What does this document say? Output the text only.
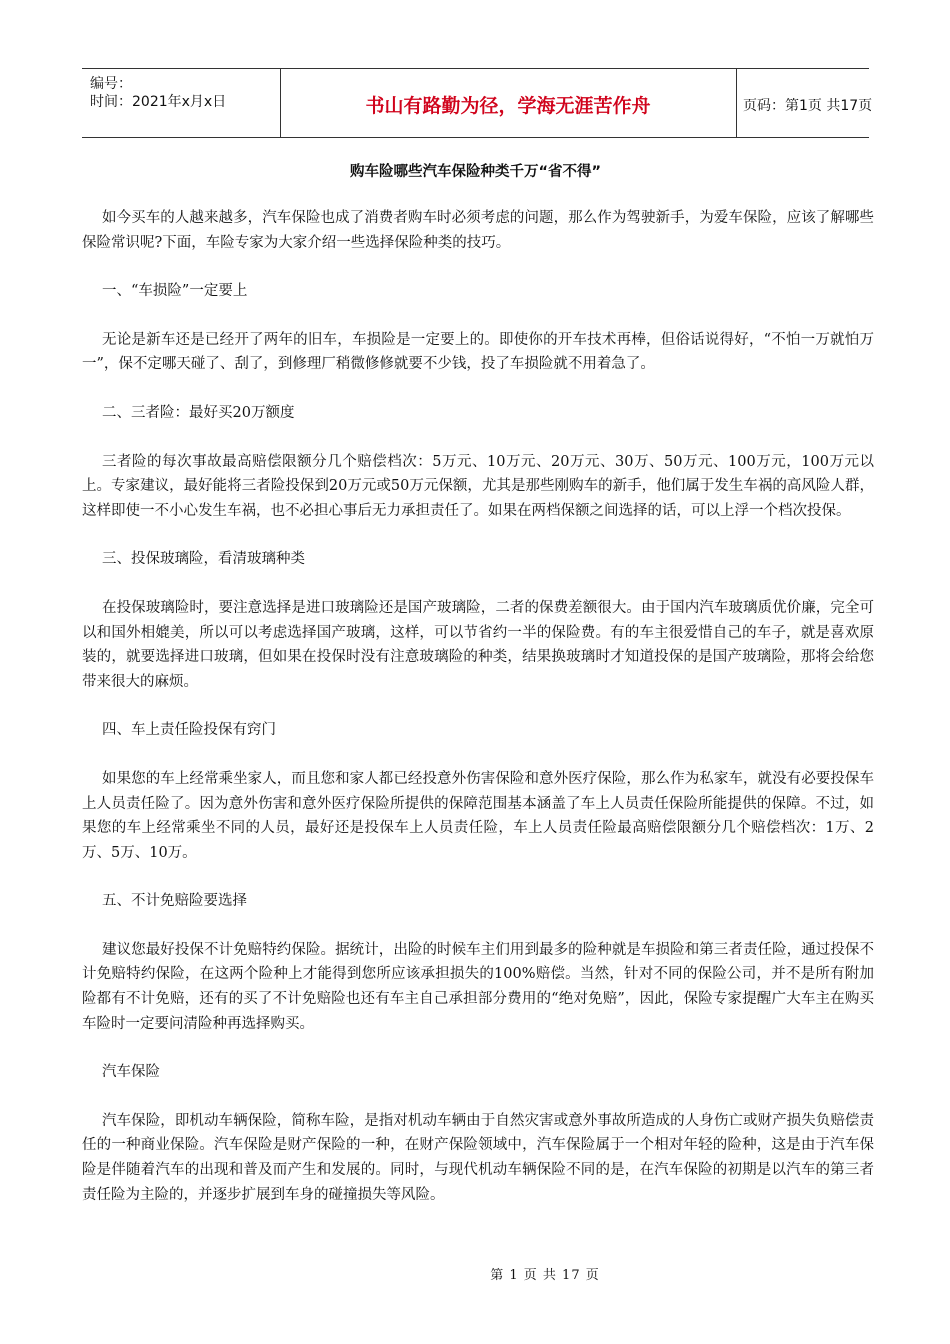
编号：
时间：2021年x月x日	书山有路勤为径，学海无涯苦作舟	页码：第1页 共17页
购车险哪些汽车保险种类千万“省不得”

如今买车的人越来越多，汽车保险也成了消费者购车时必须考虑的问题，那么作为驾驶新手，为爱车保险，应该了解哪些保险常识呢?下面，车险专家为大家介绍一些选择保险种类的技巧。

一、“车损险”一定要上

无论是新车还是已经开了两年的旧车，车损险是一定要上的。即使你的开车技术再棒，但俗话说得好，“不怕一万就怕万一”，保不定哪天碰了、刮了，到修理厂稍微修修就要不少钱，投了车损险就不用着急了。

二、三者险：最好买20万额度

三者险的每次事故最高赔偿限额分几个赔偿档次：5万元、10万元、20万元、30万、50万元、100万元，100万元以上。专家建议，最好能将三者险投保到20万元或50万元保额，尤其是那些刚购车的新手，他们属于发生车祸的高风险人群，这样即使一不小心发生车祸，也不必担心事后无力承担责任了。如果在两档保额之间选择的话，可以上浮一个档次投保。

三、投保玻璃险，看清玻璃种类

在投保玻璃险时，要注意选择是进口玻璃险还是国产玻璃险，二者的保费差额很大。由于国内汽车玻璃质优价廉，完全可以和国外相媲美，所以可以考虑选择国产玻璃，这样，可以节省约一半的保险费。有的车主很爱惜自己的车子，就是喜欢原装的，就要选择进口玻璃，但如果在投保时没有注意玻璃险的种类，结果换玻璃时才知道投保的是国产玻璃险，那将会给您带来很大的麻烦。

四、车上责任险投保有窍门

如果您的车上经常乘坐家人，而且您和家人都已经投意外伤害保险和意外医疗保险，那么作为私家车，就没有必要投保车上人员责任险了。因为意外伤害和意外医疗保险所提供的保障范围基本涵盖了车上人员责任保险所能提供的保障。不过，如果您的车上经常乘坐不同的人员，最好还是投保车上人员责任险，车上人员责任险最高赔偿限额分几个赔偿档次：1万、2万、5万、10万。

五、不计免赔险要选择

建议您最好投保不计免赔特约保险。据统计，出险的时候车主们用到最多的险种就是车损险和第三者责任险，通过投保不计免赔特约保险，在这两个险种上才能得到您所应该承担损失的100%赔偿。当然，针对不同的保险公司，并不是所有附加险都有不计免赔，还有的买了不计免赔险也还有车主自己承担部分费用的“绝对免赔”，因此，保险专家提醒广大车主在购买车险时一定要问清险种再选择购买。

汽车保险

汽车保险，即机动车辆保险，简称车险，是指对机动车辆由于自然灾害或意外事故所造成的人身伤亡或财产损失负赔偿责任的一种商业保险。汽车保险是财产保险的一种，在财产保险领域中，汽车保险属于一个相对年轻的险种，这是由于汽车保险是伴随着汽车的出现和普及而产生和发展的。同时，与现代机动车辆保险不同的是，在汽车保险的初期是以汽车的第三者责任险为主险的，并逐步扩展到车身的碰撞损失等风险。

第 1 页 共 17 页
